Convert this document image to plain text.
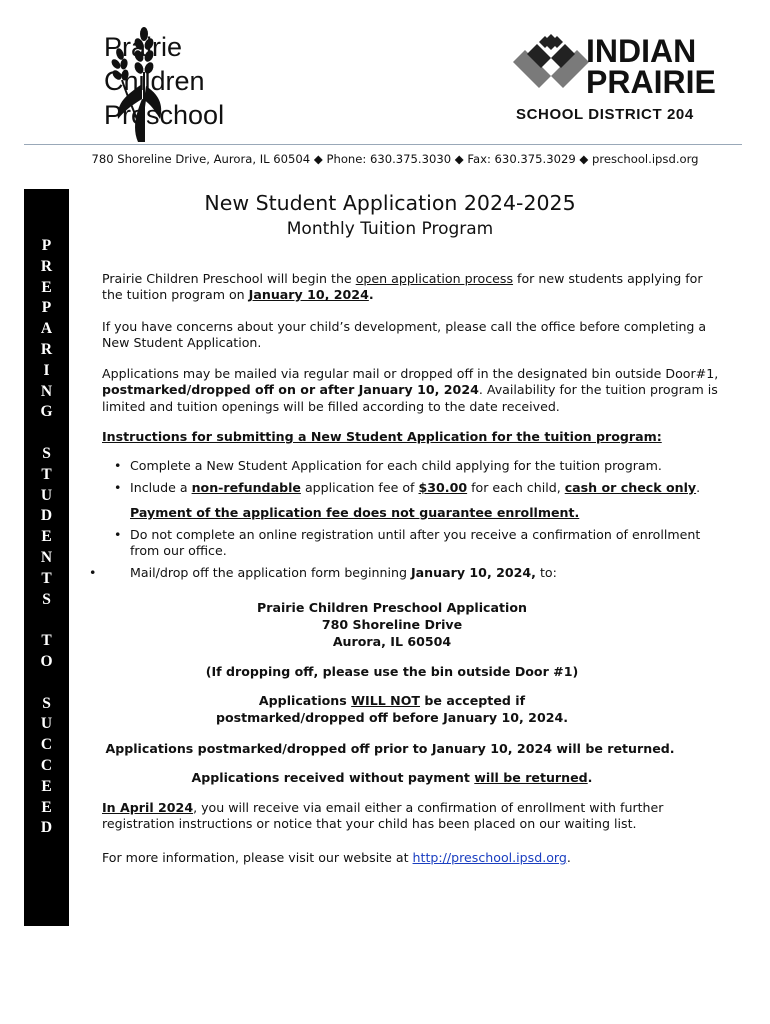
Prairie
Children
Preschool
INDIAN
PRAIRIE
SCHOOL DISTRICT 204
780 Shoreline Drive, Aurora, IL 60504 ◆ Phone: 630.375.3030 ◆ Fax: 630.375.3029 ◆ preschool.ipsd.org
P
R
E
P
A
R
I
N
G
S
T
U
D
E
N
T
S
T
O
S
U
C
C
E
E
D
New Student Application 2024-2025
Monthly Tuition Program
Prairie Children Preschool will begin the open application process for new students applying for the tuition program on January 10, 2024.
If you have concerns about your child’s development, please call the office before completing a New Student Application.
Applications may be mailed via regular mail or dropped off in the designated bin outside Door#1, postmarked/dropped off on or after January 10, 2024. Availability for the tuition program is limited and tuition openings will be filled according to the date received.
Instructions for submitting a New Student Application for the tuition program:
• Complete a New Student Application for each child applying for the tuition program.
• Include a non-refundable application fee of $30.00 for each child, cash or check only.
Payment of the application fee does not guarantee enrollment.
• Do not complete an online registration until after you receive a confirmation of enrollment from our office.
•	Mail/drop off the application form beginning January 10, 2024, to:
Prairie Children Preschool Application
780 Shoreline Drive
Aurora, IL 60504
(If dropping off, please use the bin outside Door #1)
Applications WILL NOT be accepted if
postmarked/dropped off before January 10, 2024.
Applications postmarked/dropped off prior to January 10, 2024 will be returned.
Applications received without payment will be returned.
In April 2024, you will receive via email either a confirmation of enrollment with further registration instructions or notice that your child has been placed on our waiting list.
For more information, please visit our website at http://preschool.ipsd.org.
